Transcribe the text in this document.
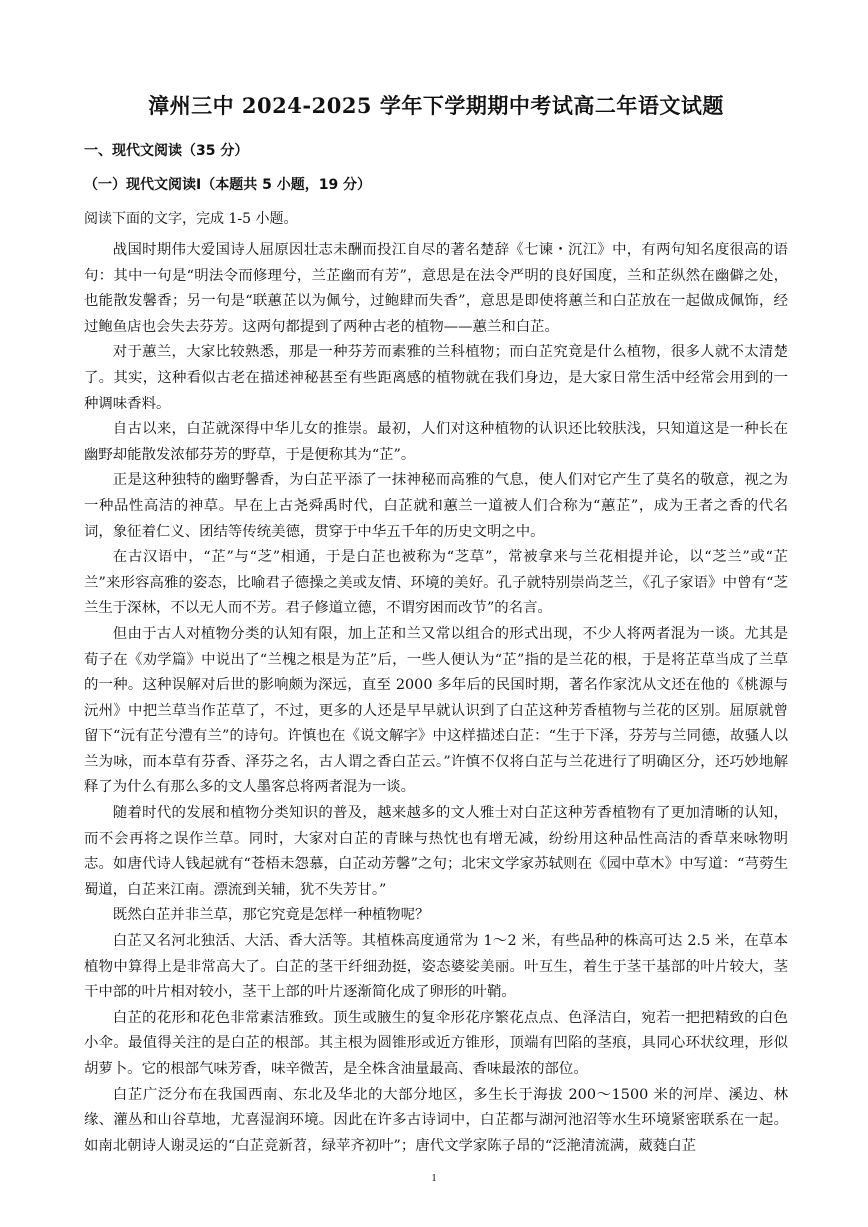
漳州三中 2024-2025 学年下学期期中考试高二年语文试题
一、现代文阅读（35 分）
（一）现代文阅读Ⅰ（本题共 5 小题，19 分）
阅读下面的文字，完成 1-5 小题。

战国时期伟大爱国诗人屈原因壮志未酬而投江自尽的著名楚辞《七谏・沉江》中，有两句知名度很高的语句：其中一句是“明法令而修理兮，兰芷幽而有芳”，意思是在法令严明的良好国度，兰和芷纵然在幽僻之处，也能散发馨香；另一句是“联蕙芷以为佩兮，过鲍肆而失香”，意思是即使将蕙兰和白芷放在一起做成佩饰，经过鲍鱼店也会失去芬芳。这两句都提到了两种古老的植物——蕙兰和白芷。

对于蕙兰，大家比较熟悉，那是一种芬芳而素雅的兰科植物；而白芷究竟是什么植物，很多人就不太清楚了。其实，这种看似古老在描述神秘甚至有些距离感的植物就在我们身边，是大家日常生活中经常会用到的一种调味香料。

自古以来，白芷就深得中华儿女的推崇。最初，人们对这种植物的认识还比较肤浅，只知道这是一种长在幽野却能散发浓郁芬芳的野草，于是便称其为“芷”。

正是这种独特的幽野馨香，为白芷平添了一抹神秘而高雅的气息，使人们对它产生了莫名的敬意，视之为一种品性高洁的神草。早在上古尧舜禹时代，白芷就和蕙兰一道被人们合称为“蕙芷”，成为王者之香的代名词，象征着仁义、团结等传统美德，贯穿于中华五千年的历史文明之中。

在古汉语中，“芷”与“芝”相通，于是白芷也被称为“芝草”，常被拿来与兰花相提并论，以“芝兰”或“芷兰”来形容高雅的姿态，比喻君子德操之美或友情、环境的美好。孔子就特别崇尚芝兰，《孔子家语》中曾有“芝兰生于深林，不以无人而不芳。君子修道立德，不谓穷困而改节”的名言。

但由于古人对植物分类的认知有限，加上芷和兰又常以组合的形式出现，不少人将两者混为一谈。尤其是荀子在《劝学篇》中说出了“兰槐之根是为芷”后，一些人便认为“芷”指的是兰花的根，于是将芷草当成了兰草的一种。这种误解对后世的影响颇为深远，直至 2000 多年后的民国时期，著名作家沈从文还在他的《桃源与沅州》中把兰草当作芷草了，不过，更多的人还是早早就认识到了白芷这种芳香植物与兰花的区别。屈原就曾留下“沅有芷兮澧有兰”的诗句。许慎也在《说文解字》中这样描述白芷：“生于下泽，芬芳与兰同德，故骚人以兰为咏，而本草有芬香、泽芬之名，古人谓之香白芷云。”许慎不仅将白芷与兰花进行了明确区分，还巧妙地解释了为什么有那么多的文人墨客总将两者混为一谈。

随着时代的发展和植物分类知识的普及，越来越多的文人雅士对白芷这种芳香植物有了更加清晰的认知，而不会再将之误作兰草。同时，大家对白芷的青睐与热忱也有增无减，纷纷用这种品性高洁的香草来咏物明志。如唐代诗人钱起就有“苍梧未怨慕，白芷动芳馨”之句；北宋文学家苏轼则在《园中草木》中写道：“芎䓖生蜀道，白芷来江南。漂流到关辅，犹不失芳甘。”

既然白芷并非兰草，那它究竟是怎样一种植物呢？

白芷又名河北独活、大活、香大活等。其植株高度通常为 1～2 米，有些品种的株高可达 2.5 米，在草本植物中算得上是非常高大了。白芷的茎干纤细劲挺，姿态婆娑美丽。叶互生，着生于茎干基部的叶片较大，茎干中部的叶片相对较小，茎干上部的叶片逐渐简化成了卵形的叶鞘。

白芷的花形和花色非常素洁雅致。顶生或腋生的复伞形花序繁花点点、色泽洁白，宛若一把把精致的白色小伞。最值得关注的是白芷的根部。其主根为圆锥形或近方锥形，顶端有凹陷的茎痕，具同心环状纹理，形似胡萝卜。它的根部气味芳香，味辛微苦，是全株含油量最高、香味最浓的部位。

白芷广泛分布在我国西南、东北及华北的大部分地区，多生长于海拔 200～1500 米的河岸、溪边、林缘、灌丛和山谷草地，尤喜湿润环境。因此在许多古诗词中，白芷都与湖河池沼等水生环境紧密联系在一起。如南北朝诗人谢灵运的“白芷竞新苕，绿苹齐初叶”；唐代文学家陈子昂的“泛滟清流满，葳蕤白芷

1
